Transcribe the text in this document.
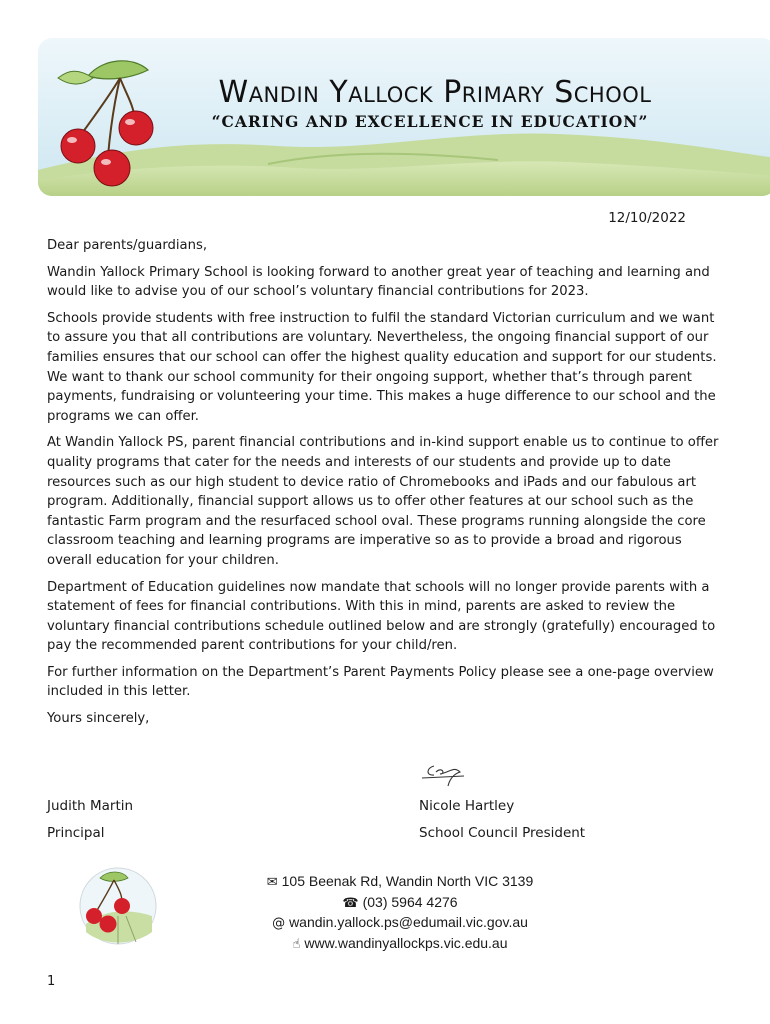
Wandin Yallock Primary School
“CARING AND EXCELLENCE IN EDUCATION”
12/10/2022

Dear parents/guardians,

Wandin Yallock Primary School is looking forward to another great year of teaching and learning and would like to advise you of our school’s voluntary financial contributions for 2023.

Schools provide students with free instruction to fulfil the standard Victorian curriculum and we want to assure you that all contributions are voluntary. Nevertheless, the ongoing financial support of our families ensures that our school can offer the highest quality education and support for our students. We want to thank our school community for their ongoing support, whether that’s through parent payments, fundraising or volunteering your time. This makes a huge difference to our school and the programs we can offer.

At Wandin Yallock PS, parent financial contributions and in-kind support enable us to continue to offer quality programs that cater for the needs and interests of our students and provide up to date resources such as our high student to device ratio of Chromebooks and iPads and our fabulous art program. Additionally, financial support allows us to offer other features at our school such as the fantastic Farm program and the resurfaced school oval. These programs running alongside the core classroom teaching and learning programs are imperative so as to provide a broad and rigorous overall education for your children.

Department of Education guidelines now mandate that schools will no longer provide parents with a statement of fees for financial contributions. With this in mind, parents are asked to review the voluntary financial contributions schedule outlined below and are strongly (gratefully) encouraged to pay the recommended parent contributions for your child/ren.

For further information on the Department’s Parent Payments Policy please see a one-page overview included in this letter.

Yours sincerely,

Judith Martin
Principal
Nicole Hartley
School Council President
✉ 105 Beenak Rd, Wandin North VIC 3139
☎ (03) 5964 4276
@ wandin.yallock.ps@edumail.vic.gov.au
☝ www.wandinyallockps.vic.edu.au
1
